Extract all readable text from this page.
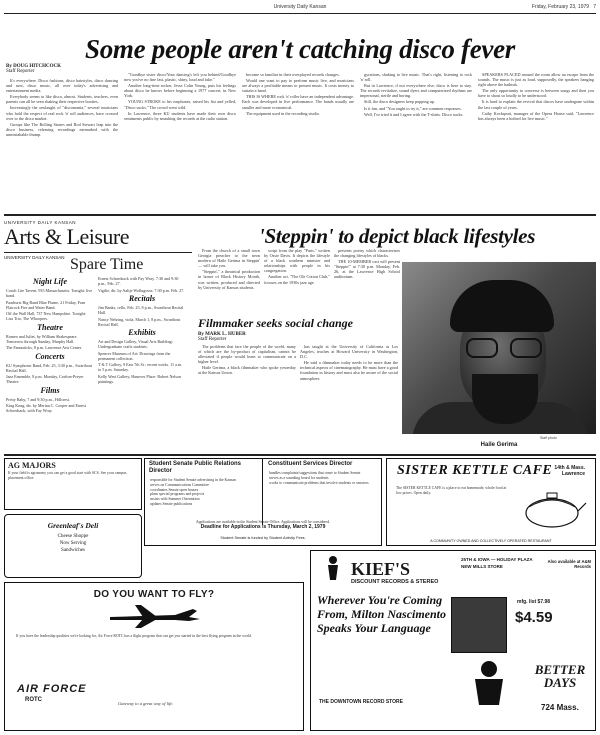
University Daily Kansan	Friday, February 23, 1979 7
Some people aren't catching disco fever
By DOUG HITCHCOCK
Staff Reporter

It's everywhere. Disco fashions, disco hairstyles, disco dancing and now, disco music, all over today's advertising and entertainment media.

Everybody seems to like disco, almost. Students, teachers, even parents can all be seen shaking their respective booties.

Increasingly the onslaught of "discomania," several musicians who hold the respect of real rock 'n' roll audiences, have crossed over to the disco market.

Groups like The Rolling Stones and Rod Stewart leap into the disco business, releasing recordings earmarked with the unmistakable thump.

"Goodbye sister disco/Your dancing's left you behind/Goodbye now you've no fine fast, plastic, shiny, loud and fake."

Another long-time rocker, Jesse Colin Young, puts his feelings about disco he knows before beginning a 1977 concert, in New York.

YOUNG STROKE to his earphones, raised his fist and yelled, "Disco sucks." The crowd went wild.

In Lawrence, three KU students have made their own disco sentiments public by smashing the records at the radio station.

become so familiar in their overplayed records changes.

Would one want to pay to perform music live, and musicians are always a profitable means to present music. It costs money to sustain a band.

THIS IS WHERE rock 'n' roller have an independent advantage. Each was developed in live performance. The bands usually are smaller and more economical.

The equipment used in the recording studio.

gyrations, shaking to live music. That's right, listening to rock 'n' roll.

But in Lawrence, if not everywhere else, disco is here to stay. The records revitalize, sound dyers and computerized rhythms are impersonal, sterile and boring.

Still, the disco designers keep popping up.

Is it fun, and "You ought to try it," are common responses.

Well, I've tried it and I agree with the T-shirts. Disco sucks.

SPEAKERS PLACED around the room allow an escape from the sounds. The music is just as loud, supposedly, the speakers hanging right above the bathtub.

The only opportunity to converse is between songs and then you have to shout so loudly to be understood.

It is hard to explain the revival that discos have undergone within the last couple of years.

Cathy Kocksputt, manager of the Opera House said, "Lawrence has always been a hotbed for live music."

UNIVERSITY DAILY KANSAN
Arts & Leisure
UNIVERSITY DAILY KANSAN Spare Time
Night Life

Coach Lite Tavern, 935 Massachusetts. Tonight: live band.

Paarhurst Big Band Blue Flame, 21 Friday, Fran Flatrock Fire and Water Band.

Off the Wall Hall, 737 New Hampshire. Tonight: Lisa Trio, The Whoopers.

Theatre

Romeo and Juliet, by William Shakespeare. Tomorrow through Sunday, Murphy Hall.

The Fantasticks, 8 p.m. Lawrence Arts Center.

Concerts

KU Symphonic Band, Feb. 25, 3:30 p.m., Swarthout Recital Hall.

Jazz Ensemble, 8 p.m. Monday, Crafton-Preyer Theatre.

Films

Pretty Baby, 7 and 9:30 p.m., Hillcrest.

King Kong, dir. by Merian C. Cooper and Ernest Schoedsack, with Fay Wray.

Ernest Schoedsack with Fay Wray. 7:30 and 9:30 p.m., Feb. 27.

Vigilie, dir. by Aaltje Wollugosse, 7:30 p.m. Feb. 27.

Recitals

Jim Banks, cello, Feb. 25, 8 p.m., Swarthout Recital Hall.

Nancy Nehring, viola, March 1, 8 p.m., Swarthout Recital Hall.

Exhibits

Art and Design Gallery, Visual Arts Building: Undergraduate crafts students.

Spencer Museum of Art: Drawings from the permanent collection.

T & T Gallery, 9 East 7th St.: recent works. 11 a.m. to 5 p.m. Saturday.

Kelly West Gallery, Hanover Place: Robert Nelson paintings.

'Steppin' to depict black lifestyles

From the church of a small town Georgia preacher to the neon modern of Haile Gerima in Steppin' — will take you.

"Steppin'," a theatrical production in honor of Black History Month, was written, produced and directed by University of Kansas students.

script from the play "Paris," written by Ossie Davis. It depicts the lifestyle of a black southern minister and relationships with people in his congregation.

Another act, "The Ole Cotton Club," focuses on the 1930s jazz age.

presents poetry which characterizes the changing lifestyles of blacks.

THE 10-MEMBER cast will present "Steppin'" at 7:30 p.m. Monday, Feb. 26, at the Lawrence High School auditorium.

Staff photo
Haile Gerima
Filmmaker seeks social change
By MARK L. HUBER
Staff Reporter

The problems that face the people of the world, many of which are the by-product of capitalism, cannot be alleviated if people would learn to communicate on a higher level.

Haile Gerima, a black filmmaker who spoke yesterday at the Kansas Union.

has taught at the University of California at Los Angeles, teaches at Howard University in Washington, D.C.

He said a filmmaker today needs to be more than the technical aspects of cinematography. He must have a good foundation in history and must also be aware of the social atmosphere.

AG MAJORS
If your field is agronomy you can get a good start with SCS. See your campus placement office.
Greenleaf's Deli
Cheese Shoppe
Now Serving
Sandwiches
Student Senate Public Relations Director
responsible for Student Senate advertising in the Kansan
serves on Communications Committee
coordinates Senate open houses
plans special programs and projects
assists with Summer Orientation
updates Senate publications
Constituent Services Director
handles complaints/suggestions that come to Student Senate
serves as a sounding board for students
works to communicate problems that involve students or senators
Applications are available in the Student Senate Office. Applications will be considered.
Deadline for Applications is Thursday, March 2, 1979
Student Senate is funded by Student Activity Fees.
SISTER KETTLE CAFE 14th & Mass.
Lawrence
The SISTER KETTLE CAFE is a place to eat homemade, whole food at low prices. Open daily.
A COMMUNITY OWNED AND COLLECTIVELY OPERATED RESTAURANT
DO YOU WANT TO FLY?
If you have the leadership qualities we're looking for, Air Force ROTC has a flight program that can get you started in the best flying program in the world.
AIR FORCE
ROTC
Gateway to a great way of life.
KIEF'S
DISCOUNT RECORDS & STEREO
25TH & IOWA — HOLIDAY PLAZA
NEW MILLS STORE
Wherever You're Coming From, Milton Nascimento Speaks Your Language
mfg. list $7.98
$4.59
Also available at A&M Records
THE DOWNTOWN RECORD STORE
BETTER DAYS
724 Mass.
